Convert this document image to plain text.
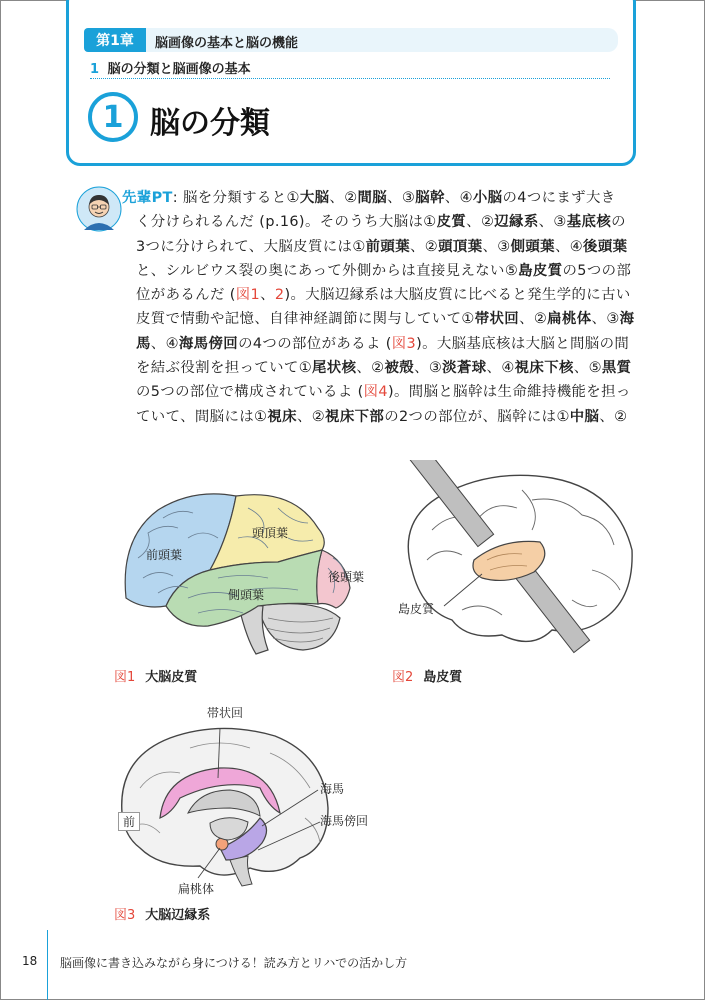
第1章	脳画像の基本と脳の機能
1 脳の分類と脳画像の基本
1 脳の分類
先輩PT: 脳を分類すると①大脳、②間脳、③脳幹、④小脳の4つにまず大き
く分けられるんだ (p.16)。そのうち大脳は①皮質、②辺縁系、③基底核の
3つに分けられて、大脳皮質には①前頭葉、②頭頂葉、③側頭葉、④後頭葉
と、シルビウス裂の奥にあって外側からは直接見えない⑤島皮質の5つの部
位があるんだ (図1、2)。大脳辺縁系は大脳皮質に比べると発生学的に古い
皮質で情動や記憶、自律神経調節に関与していて①帯状回、②扁桃体、③海
馬、④海馬傍回の4つの部位があるよ (図3)。大脳基底核は大脳と間脳の間
を結ぶ役割を担っていて①尾状核、②被殻、③淡蒼球、④視床下核、⑤黒質
の5つの部位で構成されているよ (図4)。間脳と脳幹は生命維持機能を担っ
ていて、間脳には①視床、②視床下部の2つの部位が、脳幹には①中脳、②
前頭葉
頭頂葉
側頭葉
後頭葉
図1 大脳皮質
島皮質
図2 島皮質
帯状回
海馬
海馬傍回
扁桃体
前
図3 大脳辺縁系
18 脳画像に書き込みながら身につける！読み方とリハでの活かし方
